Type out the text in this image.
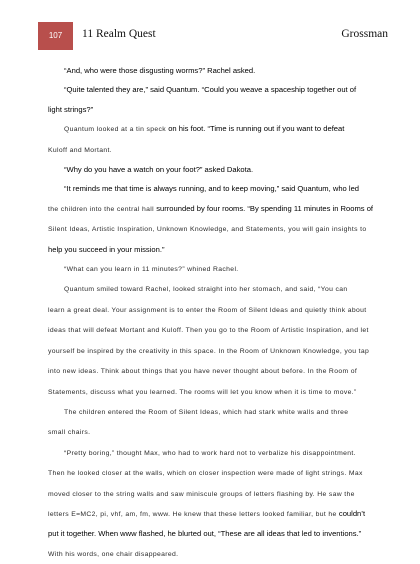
107	11 Realm Quest	Grossman

“And, who were those disgusting worms?” Rachel asked.

“Quite talented they are,” said Quantum. “Could you weave a spaceship together out of
light strings?”

Quantum looked at a tin speck on his foot. “Time is running out if you want to defeat
Kuloff and Mortant.

“Why do you have a watch on your foot?” asked Dakota.

“It reminds me that time is always running, and to keep moving,” said Quantum, who led
the children into the central hall surrounded by four rooms. “By spending 11 minutes in Rooms of
Silent Ideas, Artistic Inspiration, Unknown Knowledge, and Statements, you will gain insights to
help you succeed in your mission.”

“What can you learn in 11 minutes?” whined Rachel.

Quantum smiled toward Rachel, looked straight into her stomach, and said, “You can
learn a great deal. Your assignment is to enter the Room of Silent Ideas and quietly think about
ideas that will defeat Mortant and Kuloff. Then you go to the Room of Artistic Inspiration, and let
yourself be inspired by the creativity in this space. In the Room of Unknown Knowledge, you tap
into new ideas. Think about things that you have never thought about before. In the Room of
Statements, discuss what you learned. The rooms will let you know when it is time to move.”

The children entered the Room of Silent Ideas, which had stark white walls and three
small chairs.

“Pretty boring,” thought Max, who had to work hard not to verbalize his disappointment.
Then he looked closer at the walls, which on closer inspection were made of light strings. Max
moved closer to the string walls and saw miniscule groups of letters flashing by. He saw the
letters E=MC2, pi, vhf, am, fm, www. He knew that these letters looked familiar, but he couldn’t
put it together. When www flashed, he blurted out, “These are all ideas that led to inventions.”
With his words, one chair disappeared.
